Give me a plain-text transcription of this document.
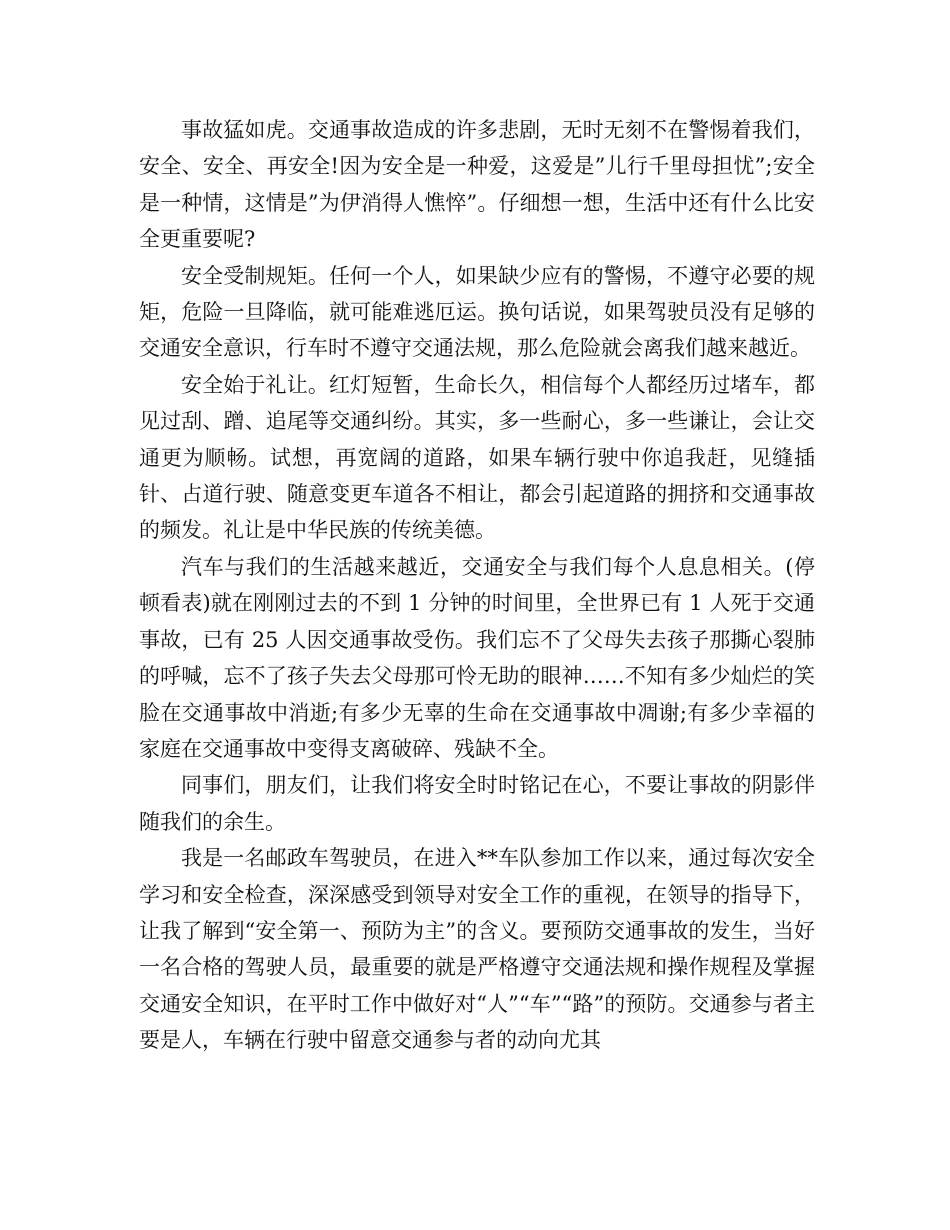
事故猛如虎。交通事故造成的许多悲剧，无时无刻不在警惕着我们，安全、安全、再安全!因为安全是一种爱，这爱是”儿行千里母担忧”;安全是一种情，这情是”为伊消得人憔悴”。仔细想一想，生活中还有什么比安全更重要呢?

安全受制规矩。任何一个人，如果缺少应有的警惕，不遵守必要的规矩，危险一旦降临，就可能难逃厄运。换句话说，如果驾驶员没有足够的交通安全意识，行车时不遵守交通法规，那么危险就会离我们越来越近。

安全始于礼让。红灯短暂，生命长久，相信每个人都经历过堵车，都见过刮、蹭、追尾等交通纠纷。其实，多一些耐心，多一些谦让，会让交通更为顺畅。试想，再宽阔的道路，如果车辆行驶中你追我赶，见缝插针、占道行驶、随意变更车道各不相让，都会引起道路的拥挤和交通事故的频发。礼让是中华民族的传统美德。

汽车与我们的生活越来越近，交通安全与我们每个人息息相关。(停顿看表)就在刚刚过去的不到 1 分钟的时间里，全世界已有 1 人死于交通事故，已有 25 人因交通事故受伤。我们忘不了父母失去孩子那撕心裂肺的呼喊，忘不了孩子失去父母那可怜无助的眼神……不知有多少灿烂的笑脸在交通事故中消逝;有多少无辜的生命在交通事故中凋谢;有多少幸福的家庭在交通事故中变得支离破碎、残缺不全。

同事们，朋友们，让我们将安全时时铭记在心，不要让事故的阴影伴随我们的余生。

我是一名邮政车驾驶员，在进入**车队参加工作以来，通过每次安全学习和安全检查，深深感受到领导对安全工作的重视，在领导的指导下，让我了解到“安全第一、预防为主”的含义。要预防交通事故的发生，当好一名合格的驾驶人员，最重要的就是严格遵守交通法规和操作规程及掌握交通安全知识，在平时工作中做好对“人”“车”“路”的预防。交通参与者主要是人，车辆在行驶中留意交通参与者的动向尤其
